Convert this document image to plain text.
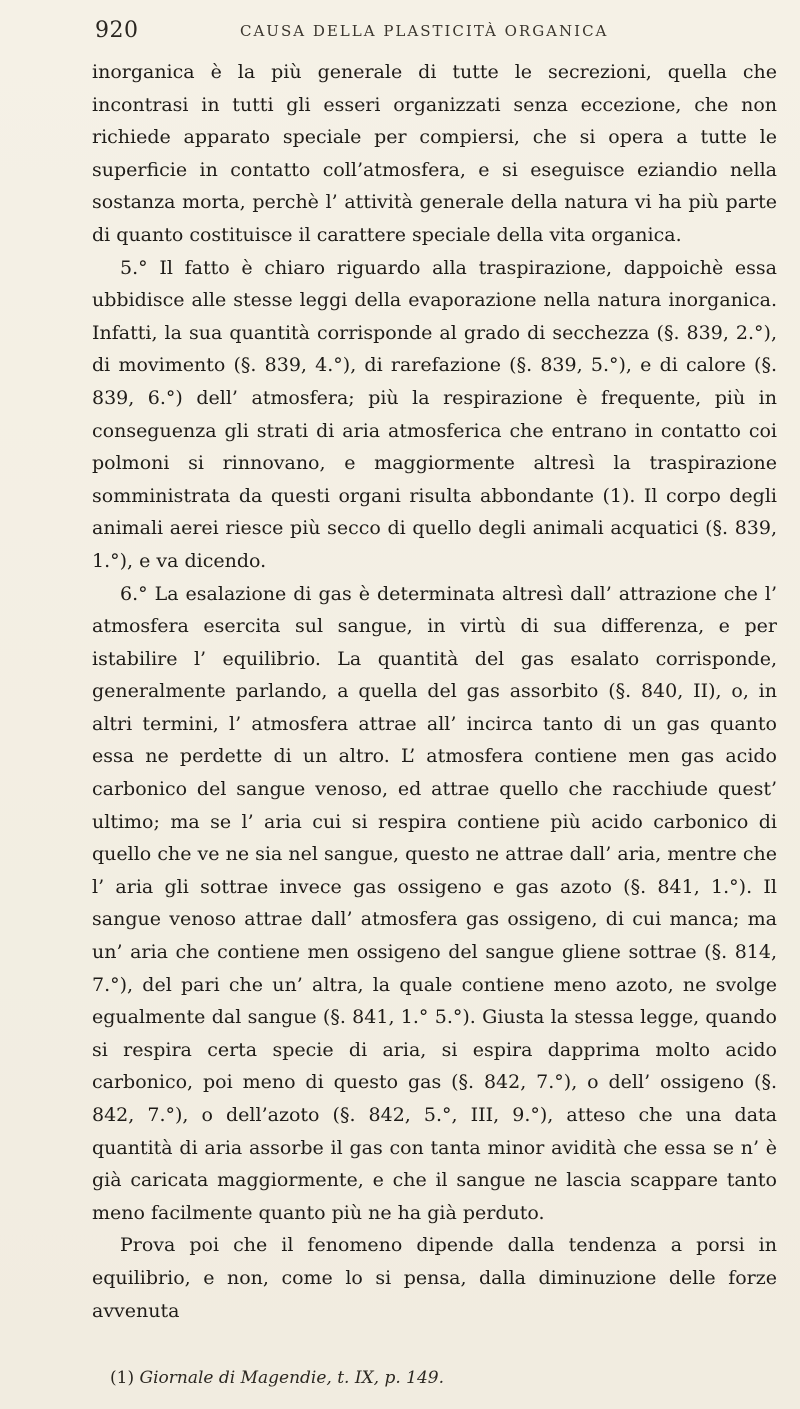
920	CAUSA DELLA PLASTICITÀ ORGANICA

inorganica è la più generale di tutte le secrezioni, quella che incontrasi in tutti gli esseri organizzati senza eccezione, che non richiede apparato speciale per compiersi, che si opera a tutte le superficie in contatto coll’atmosfera, e si eseguisce eziandio nella sostanza morta, perchè l’ attività generale della natura vi ha più parte di quanto costituisce il carattere speciale della vita organica.

5.° Il fatto è chiaro riguardo alla traspirazione, dappoichè essa ubbidisce alle stesse leggi della evaporazione nella natura inorganica. Infatti, la sua quantità corrisponde al grado di secchezza (§. 839, 2.°), di movimento (§. 839, 4.°), di rarefazione (§. 839, 5.°), e di calore (§. 839, 6.°) dell’ atmosfera; più la respirazione è frequente, più in conseguenza gli strati di aria atmosferica che entrano in contatto coi polmoni si rinnovano, e maggiormente altresì la traspirazione somministrata da questi organi risulta abbondante (1). Il corpo degli animali aerei riesce più secco di quello degli animali acquatici (§. 839, 1.°), e va dicendo.

6.° La esalazione di gas è determinata altresì dall’ attrazione che l’ atmosfera esercita sul sangue, in virtù di sua differenza, e per istabilire l’ equilibrio. La quantità del gas esalato corrisponde, generalmente parlando, a quella del gas assorbito (§. 840, II), o, in altri termini, l’ atmosfera attrae all’ incirca tanto di un gas quanto essa ne perdette di un altro. L’ atmosfera contiene men gas acido carbonico del sangue venoso, ed attrae quello che racchiude quest’ ultimo; ma se l’ aria cui si respira contiene più acido carbonico di quello che ve ne sia nel sangue, questo ne attrae dall’ aria, mentre che l’ aria gli sottrae invece gas ossigeno e gas azoto (§. 841, 1.°). Il sangue venoso attrae dall’ atmosfera gas ossigeno, di cui manca; ma un’ aria che contiene men ossigeno del sangue gliene sottrae (§. 814, 7.°), del pari che un’ altra, la quale contiene meno azoto, ne svolge egualmente dal sangue (§. 841, 1.° 5.°). Giusta la stessa legge, quando si respira certa specie di aria, si espira dapprima molto acido carbonico, poi meno di questo gas (§. 842, 7.°), o dell’ ossigeno (§. 842, 7.°), o dell’azoto (§. 842, 5.°, III, 9.°), atteso che una data quantità di aria assorbe il gas con tanta minor avidità che essa se n’ è già caricata maggiormente, e che il sangue ne lascia scappare tanto meno facilmente quanto più ne ha già perduto.

Prova poi che il fenomeno dipende dalla tendenza a porsi in equilibrio, e non, come lo si pensa, dalla diminuzione delle forze avvenuta

(1) Giornale di Magendie, t. IX, p. 149.
